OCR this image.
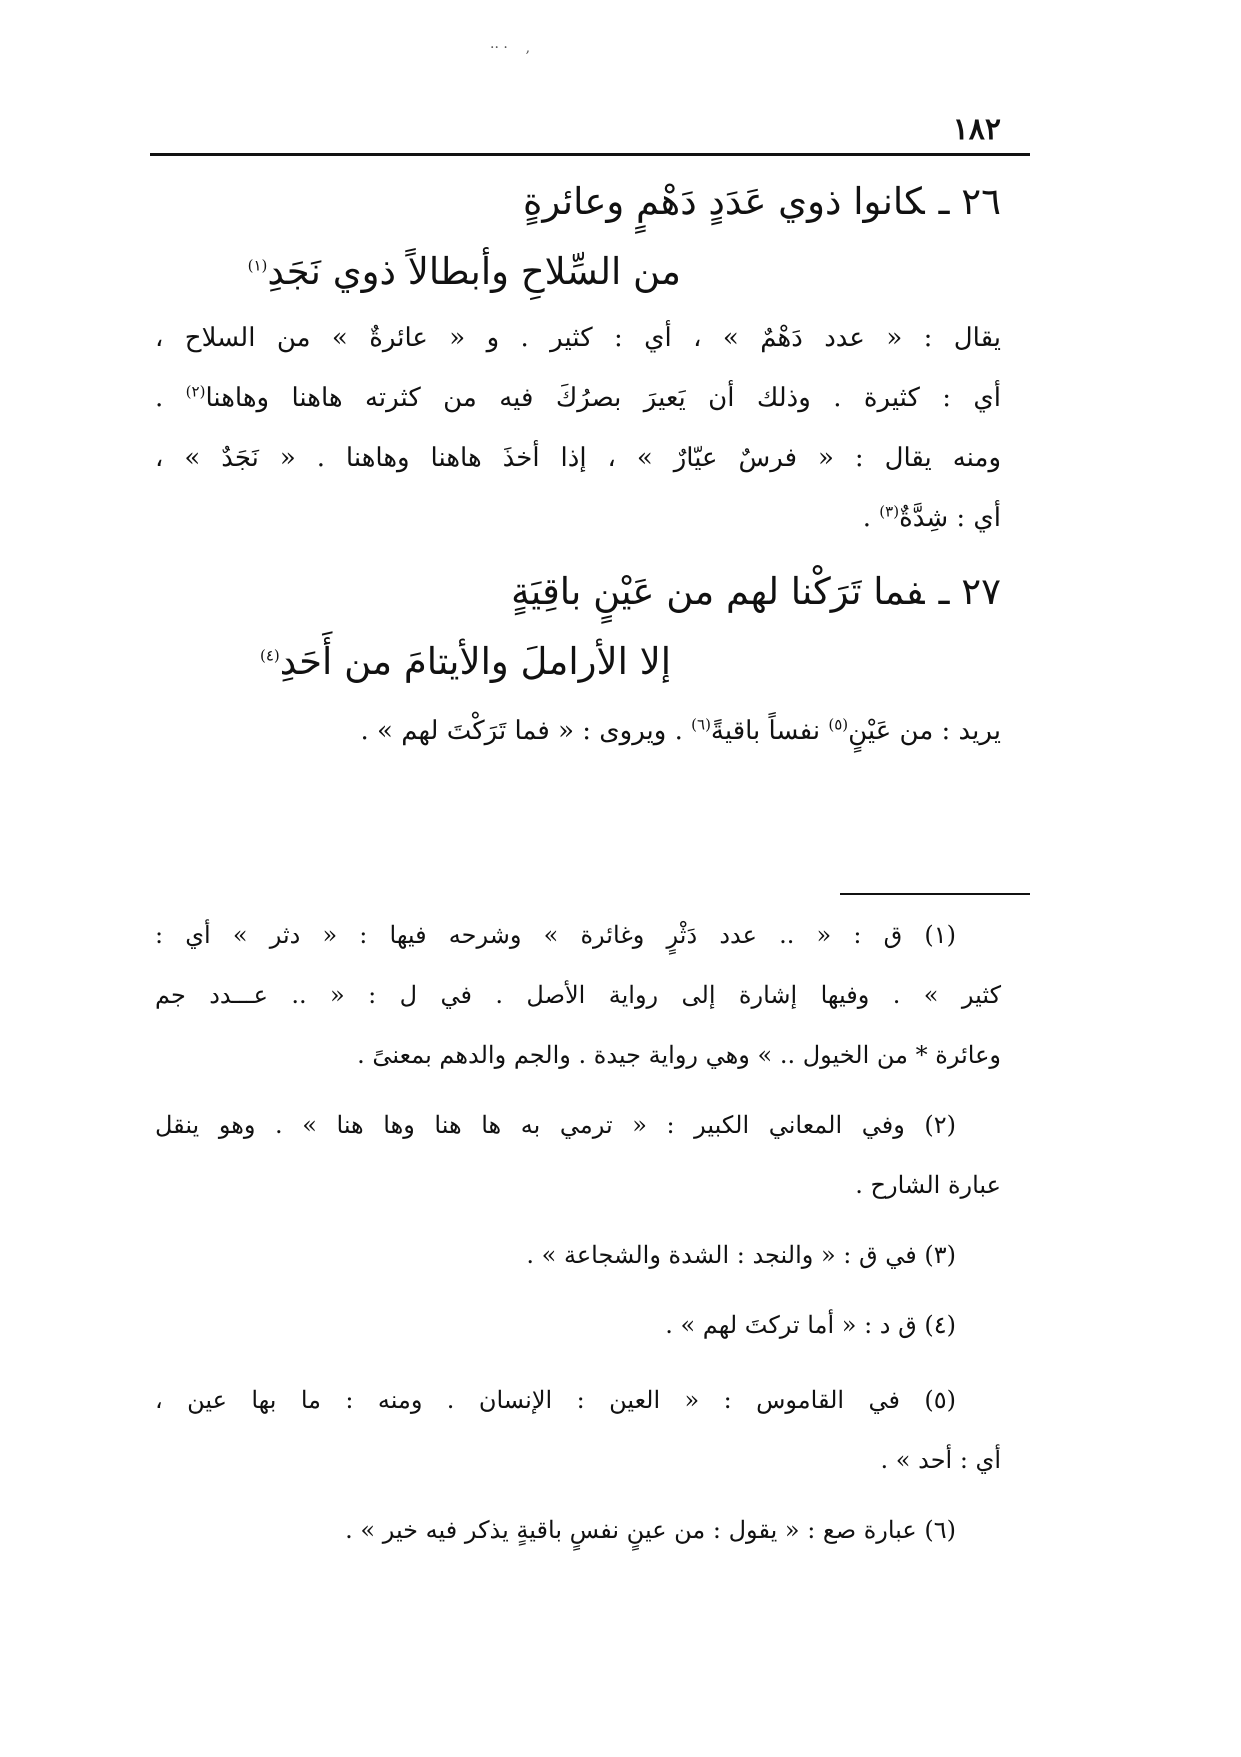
·· ·    ,
١٨٢
٢٦ ـكانوا ذوي عَدَدٍ دَهْمٍ وعائرةٍ
من السِّلاحِ وأبطالاً ذوي نَجَدِ$^{(١)}$
يقال : « عدد دَهْمٌ » ، أي : كثير . و « عائرةٌ » من السلاح ،
أي : كثيرة . وذلك أن يَعيرَ بصرُكَ فيه من كثرته هاهنا وهاهنا$^{(٢)}$ .
ومنه يقال : « فرسٌ عيّارٌ » ، إذا أخذَ هاهنا وهاهنا . « نَجَدٌ » ،
أي : شِدَّةٌ$^{(٣)}$ .
٢٧ ـفما تَرَكْنا لهم من عَيْنٍ باقِيَةٍ
إلا الأراملَ والأيتامَ من أَحَدِ$^{(٤)}$
يريد : من عَيْنٍ$^{(٥)}$ نفساً باقيةً$^{(٦)}$ . ويروى : « فما تَرَكْتَ لهم » .
(١) ق : « .. عدد دَثْرٍ وغائرة » وشرحه فيها : « دثر » أي :
كثير » . وفيها إشارة إلى رواية الأصل . في ل : « .. عـــدد جم
وعائرة * من الخيول .. » وهي رواية جيدة . والجم والدهم بمعنىً .
(٢) وفي المعاني الكبير : « ترمي به ها هنا وها هنا » . وهو ينقل
عبارة الشارح .
(٣) في ق : « والنجد : الشدة والشجاعة » .
(٤) ق د : « أما تركتَ لهم » .
(٥) في القاموس : « العين : الإنسان . ومنه : ما بها عين ،
أي : أحد » .
(٦) عبارة صع : « يقول : من عينٍ نفسٍ باقيةٍ يذكر فيه خير » .
